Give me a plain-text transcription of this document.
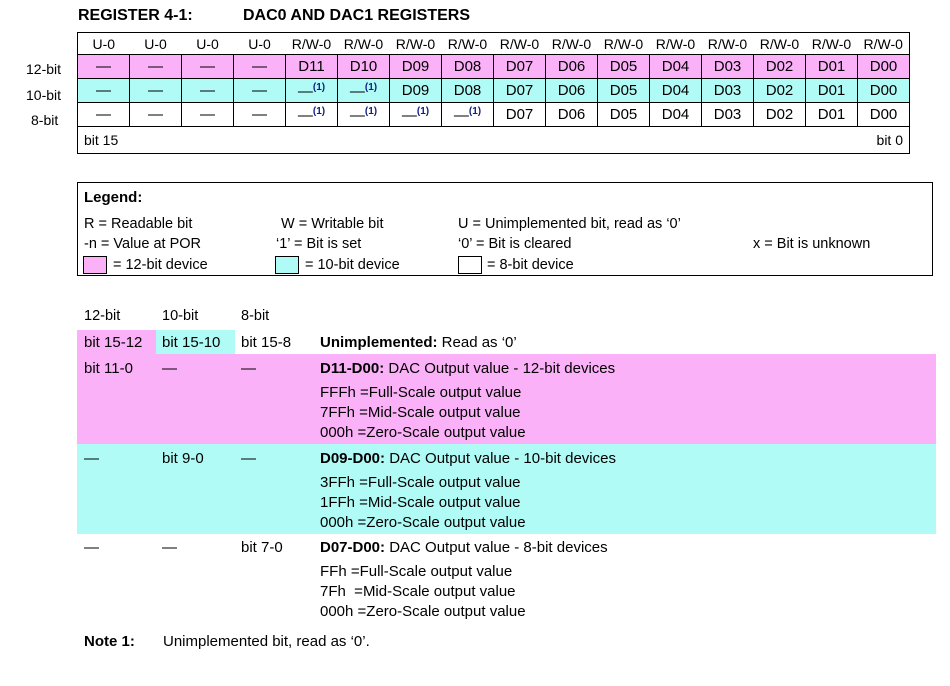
REGISTER 4-1:	DAC0 AND DAC1 REGISTERS
12-bit
10-bit
8-bit
U-0	U-0	U-0	U-0	R/W-0	R/W-0	R/W-0	R/W-0	R/W-0	R/W-0	R/W-0	R/W-0	R/W-0	R/W-0	R/W-0	R/W-0
—	—	—	—	D11	D10	D09	D08	D07	D06	D05	D04	D03	D02	D01	D00
—	—	—	—	—$^{(1)}$	—$^{(1)}$	D09	D08	D07	D06	D05	D04	D03	D02	D01	D00
—	—	—	—	—$^{(1)}$	—$^{(1)}$	—$^{(1)}$	—$^{(1)}$	D07	D06	D05	D04	D03	D02	D01	D00

bit 15 bit 0															
Legend:
R = Readable bit	W = Writable bit	U = Unimplemented bit, read as ‘0’
-n = Value at POR	‘1’ = Bit is set	‘0’ = Bit is cleared	x = Bit is unknown
= 12-bit device	= 10-bit device	= 8-bit device
12-bit	10-bit	8-bit
bit 15-12 bit 15-10 bit 15-8 Unimplemented: Read as ‘0’
bit 11-0 —	—	D11-D00: DAC Output value - 12-bit devices
FFFh =Full-Scale output value
7FFh =Mid-Scale output value
000h =Zero-Scale output value
—	bit 9-0 —	D09-D00: DAC Output value - 10-bit devices
3FFh =Full-Scale output value
1FFh =Mid-Scale output value
000h =Zero-Scale output value
—	—	bit 7-0 D07-D00: DAC Output value - 8-bit devices
FFh =Full-Scale output value
7Fh  =Mid-Scale output value
000h =Zero-Scale output value
Note 1: Unimplemented bit, read as ‘0’.
